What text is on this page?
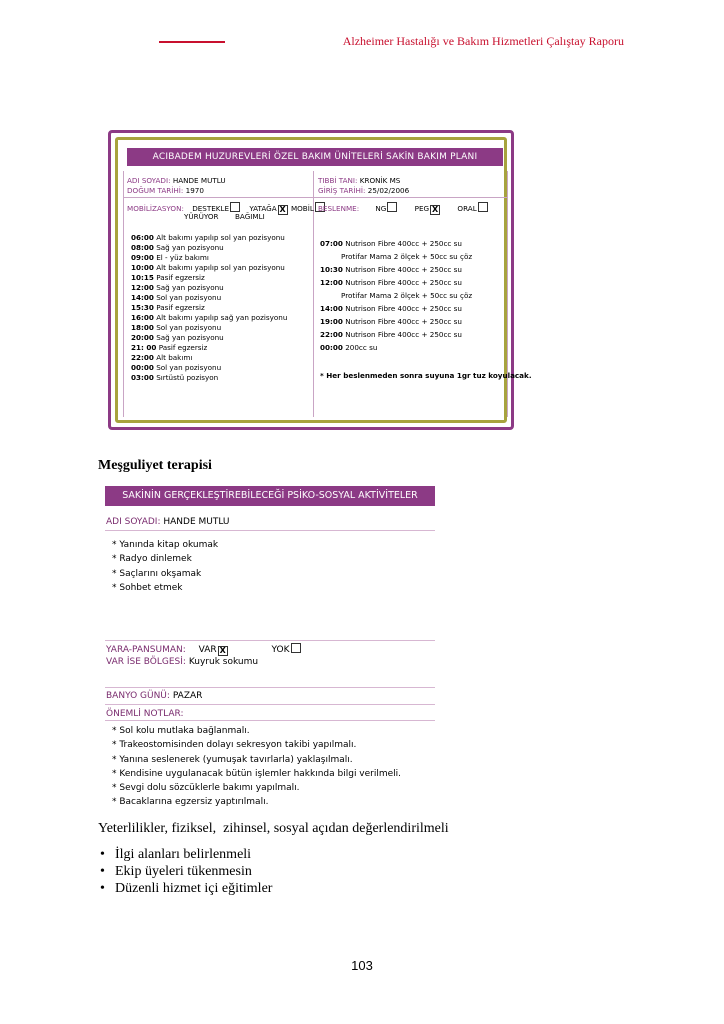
Alzheimer Hastalığı ve Bakım Hizmetleri Çalıştay Raporu
ACIBADEM HUZUREVLERİ ÖZEL BAKIM ÜNİTELERİ SAKİN BAKIM PLANI
ADI SOYADI: HANDE MUTLU
DOĞUM TARİHİ: 1970
TIBBİ TANI: KRONİK MS
GİRİŞ TARİHİ: 25/02/2006
MOBİLİZASYON: DESTEKLE	YATAĞA X MOBİL
YÜRÜYOR BAĞIMLI
BESLENME: NG	PEG X	ORAL
06:00 Alt bakımı yapılıp sol yan pozisyonu
08:00 Sağ yan pozisyonu
09:00 El - yüz bakımı
10:00 Alt bakımı yapılıp sol yan pozisyonu
10:15 Pasif egzersiz
12:00 Sağ yan pozisyonu
14:00 Sol yan pozisyonu
15:30 Pasif egzersiz
16:00 Alt bakımı yapılıp sağ yan pozisyonu
18:00 Sol yan pozisyonu
20:00 Sağ yan pozisyonu
21: 00 Pasif egzersiz
22:00 Alt bakımı
00:00 Sol yan pozisyonu
03:00 Sırtüstü pozisyon
07:00 Nutrison Fibre 400cc + 250cc su
Protifar Mama 2 ölçek + 50cc su çöz
10:30 Nutrison Fibre 400cc + 250cc su
12:00 Nutrison Fibre 400cc + 250cc su
Protifar Mama 2 ölçek + 50cc su çöz
14:00 Nutrison Fibre 400cc + 250cc su
19:00 Nutrison Fibre 400cc + 250cc su
22:00 Nutrison Fibre 400cc + 250cc su
00:00 200cc su
* Her beslenmeden sonra suyuna 1gr tuz koyulacak.
Meşguliyet terapisi
SAKİNİN GERÇEKLEŞTİREBİLECEĞİ PSİKO-SOSYAL AKTİVİTELER
ADI SOYADI: HANDE MUTLU
* Yanında kitap okumak
* Radyo dinlemek
* Saçlarını okşamak
* Sohbet etmek
YARA-PANSUMAN: VAR X	YOK
VAR İSE BÖLGESİ: Kuyruk sokumu
BANYO GÜNÜ: PAZAR
ÖNEMLİ NOTLAR:
* Sol kolu mutlaka bağlanmalı.
* Trakeostomisinden dolayı sekresyon takibi yapılmalı.
* Yanına seslenerek (yumuşak tavırlarla) yaklaşılmalı.
* Kendisine uygulanacak bütün işlemler hakkında bilgi verilmeli.
* Sevgi dolu sözcüklerle bakımı yapılmalı.
* Bacaklarına egzersiz yaptırılmalı.
Yeterlilikler, fiziksel,  zihinsel, sosyal açıdan değerlendirilmeli
• İlgi alanları belirlenmeli
• Ekip üyeleri tükenmesin
• Düzenli hizmet içi eğitimler
103
